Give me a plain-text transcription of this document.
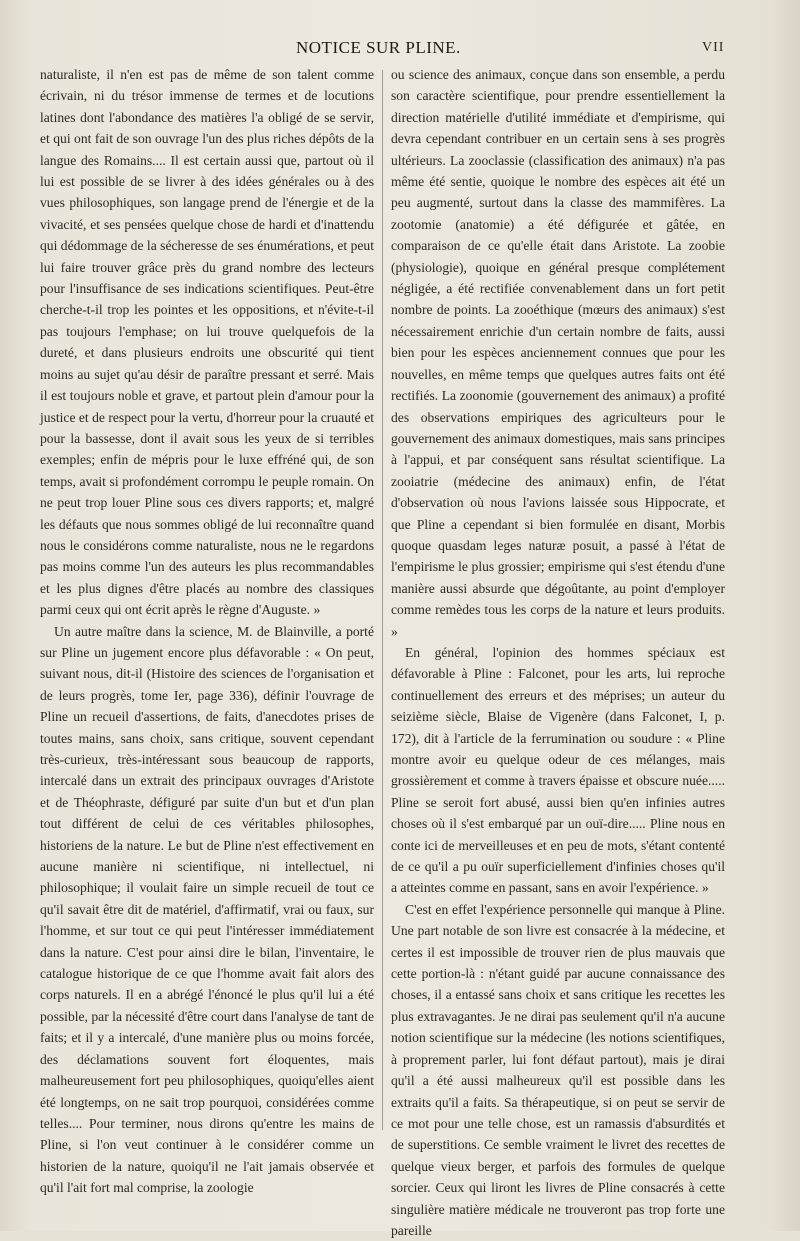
NOTICE SUR PLINE.	VII

naturaliste, il n'en est pas de même de son talent comme écrivain, ni du trésor immense de termes et de locutions latines dont l'abondance des matières l'a obligé de se servir, et qui ont fait de son ouvrage l'un des plus riches dépôts de la langue des Romains.... Il est certain aussi que, partout où il lui est possible de se livrer à des idées générales ou à des vues philosophiques, son langage prend de l'énergie et de la vivacité, et ses pensées quelque chose de hardi et d'inattendu qui dédommage de la sécheresse de ses énumérations, et peut lui faire trouver grâce près du grand nombre des lecteurs pour l'insuffisance de ses indications scientifiques. Peut-être cherche-t-il trop les pointes et les oppositions, et n'évite-t-il pas toujours l'emphase; on lui trouve quelquefois de la dureté, et dans plusieurs endroits une obscurité qui tient moins au sujet qu'au désir de paraître pressant et serré. Mais il est toujours noble et grave, et partout plein d'amour pour la justice et de respect pour la vertu, d'horreur pour la cruauté et pour la bassesse, dont il avait sous les yeux de si terribles exemples; enfin de mépris pour le luxe effréné qui, de son temps, avait si profondément corrompu le peuple romain. On ne peut trop louer Pline sous ces divers rapports; et, malgré les défauts que nous sommes obligé de lui reconnaître quand nous le considérons comme naturaliste, nous ne le regardons pas moins comme l'un des auteurs les plus recommandables et les plus dignes d'être placés au nombre des classiques parmi ceux qui ont écrit après le règne d'Auguste. »

Un autre maître dans la science, M. de Blainville, a porté sur Pline un jugement encore plus défavorable : « On peut, suivant nous, dit-il (Histoire des sciences de l'organisation et de leurs progrès, tome Ier, page 336), définir l'ouvrage de Pline un recueil d'assertions, de faits, d'anecdotes prises de toutes mains, sans choix, sans critique, souvent cependant très-curieux, très-intéressant sous beaucoup de rapports, intercalé dans un extrait des principaux ouvrages d'Aristote et de Théophraste, défiguré par suite d'un but et d'un plan tout différent de celui de ces véritables philosophes, historiens de la nature. Le but de Pline n'est effectivement en aucune manière ni scientifique, ni intellectuel, ni philosophique; il voulait faire un simple recueil de tout ce qu'il savait être dit de matériel, d'affirmatif, vrai ou faux, sur l'homme, et sur tout ce qui peut l'intéresser immédiatement dans la nature. C'est pour ainsi dire le bilan, l'inventaire, le catalogue historique de ce que l'homme avait fait alors des corps naturels. Il en a abrégé l'énoncé le plus qu'il lui a été possible, par la nécessité d'être court dans l'analyse de tant de faits; et il y a intercalé, d'une manière plus ou moins forcée, des déclamations souvent fort éloquentes, mais malheureusement fort peu philosophiques, quoiqu'elles aient été longtemps, on ne sait trop pourquoi, considérées comme telles.... Pour terminer, nous dirons qu'entre les mains de Pline, si l'on veut continuer à le considérer comme un historien de la nature, quoiqu'il ne l'ait jamais observée et qu'il l'ait fort mal comprise, la zoologie

ou science des animaux, conçue dans son ensemble, a perdu son caractère scientifique, pour prendre essentiellement la direction matérielle d'utilité immédiate et d'empirisme, qui devra cependant contribuer en un certain sens à ses progrès ultérieurs. La zooclassie (classification des animaux) n'a pas même été sentie, quoique le nombre des espèces ait été un peu augmenté, surtout dans la classe des mammifères. La zootomie (anatomie) a été défigurée et gâtée, en comparaison de ce qu'elle était dans Aristote. La zoobie (physiologie), quoique en général presque complétement négligée, a été rectifiée convenablement dans un fort petit nombre de points. La zooéthique (mœurs des animaux) s'est nécessairement enrichie d'un certain nombre de faits, aussi bien pour les espèces anciennement connues que pour les nouvelles, en même temps que quelques autres faits ont été rectifiés. La zoonomie (gouvernement des animaux) a profité des observations empiriques des agriculteurs pour le gouvernement des animaux domestiques, mais sans principes à l'appui, et par conséquent sans résultat scientifique. La zooiatrie (médecine des animaux) enfin, de l'état d'observation où nous l'avions laissée sous Hippocrate, et que Pline a cependant si bien formulée en disant, Morbis quoque quasdam leges naturæ posuit, a passé à l'état de l'empirisme le plus grossier; empirisme qui s'est étendu d'une manière aussi absurde que dégoûtante, au point d'employer comme remèdes tous les corps de la nature et leurs produits. »

En général, l'opinion des hommes spéciaux est défavorable à Pline : Falconet, pour les arts, lui reproche continuellement des erreurs et des méprises; un auteur du seizième siècle, Blaise de Vigenère (dans Falconet, I, p. 172), dit à l'article de la ferrumination ou soudure : « Pline montre avoir eu quelque odeur de ces mélanges, mais grossièrement et comme à travers épaisse et obscure nuée..... Pline se seroit fort abusé, aussi bien qu'en infinies autres choses où il s'est embarqué par un ouï-dire..... Pline nous en conte ici de merveilleuses et en peu de mots, s'étant contenté de ce qu'il a pu ouïr superficiellement d'infinies choses qu'il a atteintes comme en passant, sans en avoir l'expérience. »

C'est en effet l'expérience personnelle qui manque à Pline. Une part notable de son livre est consacrée à la médecine, et certes il est impossible de trouver rien de plus mauvais que cette portion-là : n'étant guidé par aucune connaissance des choses, il a entassé sans choix et sans critique les recettes les plus extravagantes. Je ne dirai pas seulement qu'il n'a aucune notion scientifique sur la médecine (les notions scientifiques, à proprement parler, lui font défaut partout), mais je dirai qu'il a été aussi malheureux qu'il est possible dans les extraits qu'il a faits. Sa thérapeutique, si on peut se servir de ce mot pour une telle chose, est un ramassis d'absurdités et de superstitions. Ce semble vraiment le livret des recettes de quelque vieux berger, et parfois des formules de quelque sorcier. Ceux qui liront les livres de Pline consacrés à cette singulière matière médicale ne trouveront pas trop forte une pareille
